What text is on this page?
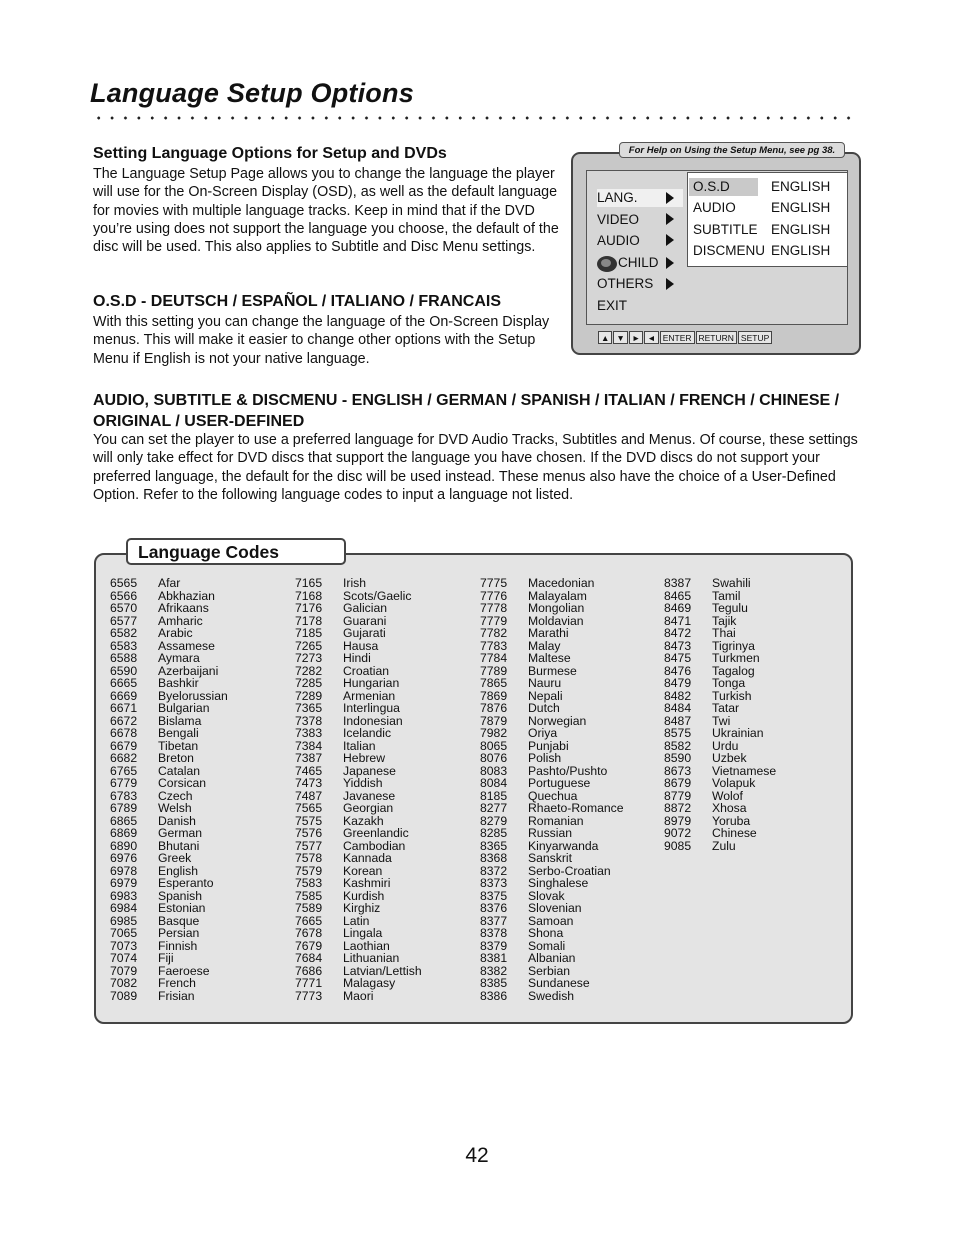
Language Setup Options
Setting Language Options for Setup and DVDs

The Language Setup Page allows you to change the language the player will use for the On-Screen Display (OSD), as well as the default language for movies with multiple language tracks. Keep in mind that if the DVD you’re using does not support the language you choose, the default of the disc will be used. This also applies to Subtitle and Disc Menu settings.

O.S.D - DEUTSCH / ESPAÑOL / ITALIANO / FRANCAIS

With this setting you can change the language of the On-Screen Display menus. This will make it easier to change other options with the Setup Menu if English is not your native language.

AUDIO, SUBTITLE & DISCMENU - ENGLISH / GERMAN / SPANISH / ITALIAN / FRENCH / CHINESE / ORIGINAL / USER-DEFINED

You can set the player to use a preferred language for DVD Audio Tracks, Subtitles and Menus. Of course, these settings will only take effect for DVD discs that support the language you have chosen. If the DVD discs do not support your preferred language, the default for the disc will be used instead. These menus also have the choice of a User-Defined Option. Refer to the following language codes to input a language not listed.

For Help on Using the Setup Menu, see pg 38.
LANG.
VIDEO
AUDIO
CHILD
OTHERS
EXIT
O.S.D	ENGLISH
AUDIO	ENGLISH
SUBTITLE ENGLISH
DISCMENU ENGLISH
▲ ▼ ► ◄ ENTER RETURN SETUP
Language Codes
6565	Afar
6566	Abkhazian
6570	Afrikaans
6577	Amharic
6582	Arabic
6583	Assamese
6588	Aymara
6590	Azerbaijani
6665	Bashkir
6669	Byelorussian
6671	Bulgarian
6672	Bislama
6678	Bengali
6679	Tibetan
6682	Breton
6765	Catalan
6779	Corsican
6783	Czech
6789	Welsh
6865	Danish
6869	German
6890	Bhutani
6976	Greek
6978	English
6979	Esperanto
6983	Spanish
6984	Estonian
6985	Basque
7065	Persian
7073	Finnish
7074	Fiji
7079	Faeroese
7082	French
7089	Frisian
7165	Irish
7168	Scots/Gaelic
7176	Galician
7178	Guarani
7185	Gujarati
7265	Hausa
7273	Hindi
7282	Croatian
7285	Hungarian
7289	Armenian
7365	Interlingua
7378	Indonesian
7383	Icelandic
7384	Italian
7387	Hebrew
7465	Japanese
7473	Yiddish
7487	Javanese
7565	Georgian
7575	Kazakh
7576	Greenlandic
7577	Cambodian
7578	Kannada
7579	Korean
7583	Kashmiri
7585	Kurdish
7589	Kirghiz
7665	Latin
7678	Lingala
7679	Laothian
7684	Lithuanian
7686	Latvian/Lettish
7771	Malagasy
7773	Maori
7775	Macedonian
7776	Malayalam
7778	Mongolian
7779	Moldavian
7782	Marathi
7783	Malay
7784	Maltese
7789	Burmese
7865	Nauru
7869	Nepali
7876	Dutch
7879	Norwegian
7982	Oriya
8065	Punjabi
8076	Polish
8083	Pashto/Pushto
8084	Portuguese
8185	Quechua
8277	Rhaeto-Romance
8279	Romanian
8285	Russian
8365	Kinyarwanda
8368	Sanskrit
8372	Serbo-Croatian
8373	Singhalese
8375	Slovak
8376	Slovenian
8377	Samoan
8378	Shona
8379	Somali
8381	Albanian
8382	Serbian
8385	Sundanese
8386	Swedish
8387	Swahili
8465	Tamil
8469	Tegulu
8471	Tajik
8472	Thai
8473	Tigrinya
8475	Turkmen
8476	Tagalog
8479	Tonga
8482	Turkish
8484	Tatar
8487	Twi
8575	Ukrainian
8582	Urdu
8590	Uzbek
8673	Vietnamese
8679	Volapuk
8779	Wolof
8872	Xhosa
8979	Yoruba
9072	Chinese
9085	Zulu
42
